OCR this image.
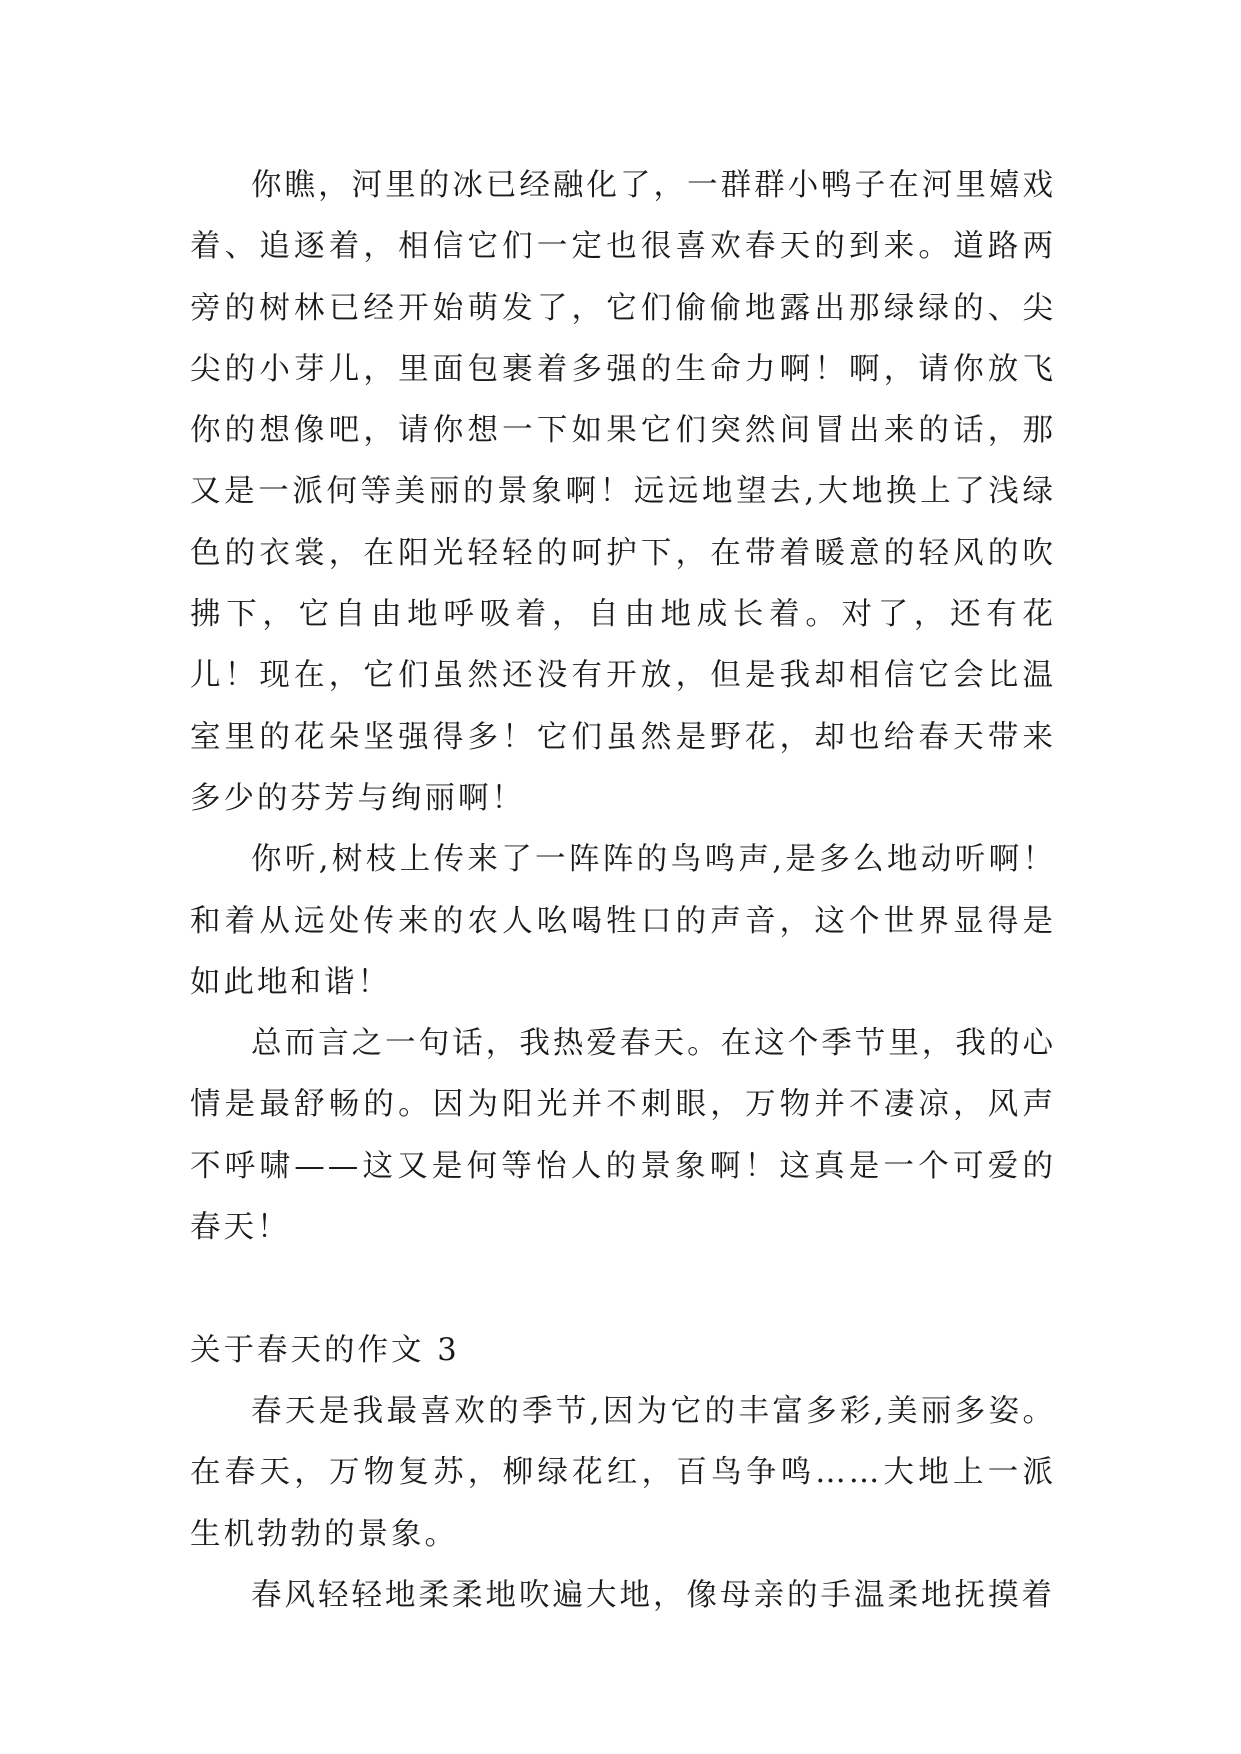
你瞧，河里的冰已经融化了，一群群小鸭子在河里嬉戏着、追逐着，相信它们一定也很喜欢春天的到来。道路两旁的树林已经开始萌发了，它们偷偷地露出那绿绿的、尖尖的小芽儿，里面包裹着多强的生命力啊！啊，请你放飞你的想像吧，请你想一下如果它们突然间冒出来的话，那又是一派何等美丽的景象啊！远远地望去,大地换上了浅绿色的衣裳，在阳光轻轻的呵护下，在带着暖意的轻风的吹拂下，它自由地呼吸着，自由地成长着。对了，还有花儿！现在，它们虽然还没有开放，但是我却相信它会比温室里的花朵坚强得多！它们虽然是野花，却也给春天带来多少的芬芳与绚丽啊！

你听,树枝上传来了一阵阵的鸟鸣声,是多么地动听啊！和着从远处传来的农人吆喝牲口的声音，这个世界显得是如此地和谐！

总而言之一句话，我热爱春天。在这个季节里，我的心情是最舒畅的。因为阳光并不刺眼，万物并不凄凉，风声不呼啸——这又是何等怡人的景象啊！这真是一个可爱的春天！

关于春天的作文 3

春天是我最喜欢的季节,因为它的丰富多彩,美丽多姿。在春天，万物复苏，柳绿花红，百鸟争鸣……大地上一派生机勃勃的景象。

春风轻轻地柔柔地吹遍大地，像母亲的手温柔地抚摸着
